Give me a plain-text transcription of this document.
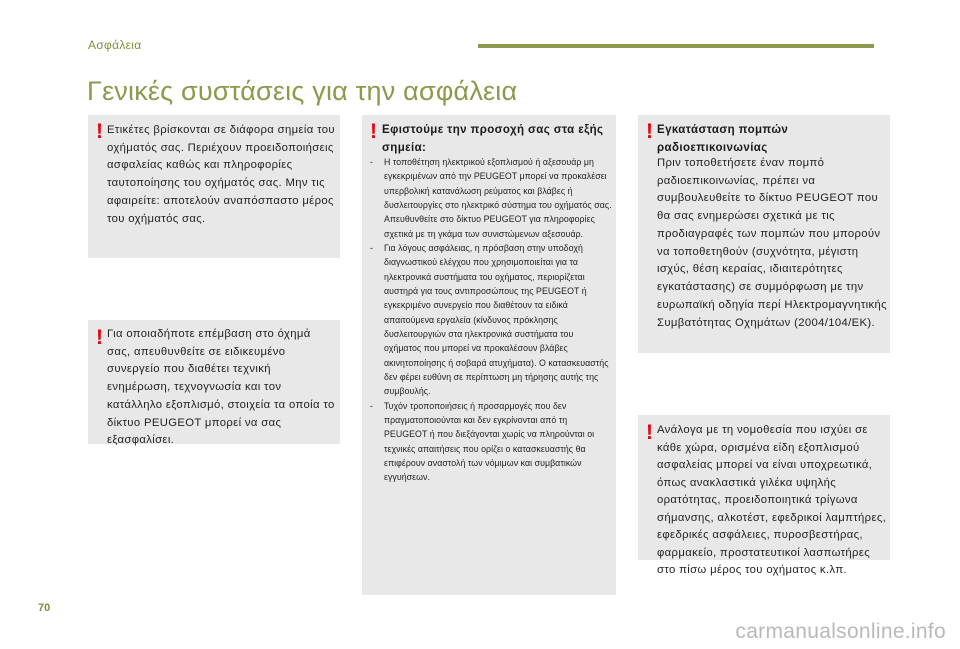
Ασφάλεια
Γενικές συστάσεις για την ασφάλεια
! Ετικέτες βρίσκονται σε διάφορα σημεία του οχήματός σας. Περιέχουν προειδοποιήσεις ασφαλείας καθώς και πληροφορίες ταυτοποίησης του οχήματός σας. Μην τις αφαιρείτε: αποτελούν αναπόσπαστο μέρος του οχήματός σας.

! Για οποιαδήποτε επέμβαση στο όχημά σας, απευθυνθείτε σε ειδικευμένο συνεργείο που διαθέτει τεχνική ενημέρωση, τεχνογνωσία και τον κατάλληλο εξοπλισμό, στοιχεία τα οποία το δίκτυο PEUGEOT μπορεί να σας εξασφαλίσει.

! Εφιστούμε την προσοχή σας στα εξής σημεία:

- Η τοποθέτηση ηλεκτρικού εξοπλισμού ή αξεσουάρ μη εγκεκριμένων από την PEUGEOT μπορεί να προκαλέσει υπερβολική κατανάλωση ρεύματος και βλάβες ή δυσλειτουργίες στο ηλεκτρικό σύστημα του οχήματός σας. Απευθυνθείτε στο δίκτυο PEUGEOT για πληροφορίες σχετικά με τη γκάμα των συνιστώμενων αξεσουάρ.
- Για λόγους ασφάλειας, η πρόσβαση στην υποδοχή διαγνωστικού ελέγχου που χρησιμοποιείται για τα ηλεκτρονικά συστήματα του οχήματος, περιορίζεται αυστηρά για τους αντιπροσώπους της PEUGEOT ή εγκεκριμένο συνεργείο που διαθέτουν τα ειδικά απαιτούμενα εργαλεία (κίνδυνος πρόκλησης δυσλειτουργιών στα ηλεκτρονικά συστήματα του οχήματος που μπορεί να προκαλέσουν βλάβες ακινητοποίησης ή σοβαρά ατυχήματα). Ο κατασκευαστής δεν φέρει ευθύνη σε περίπτωση μη τήρησης αυτής της συμβουλής.
- Τυχόν τροποποιήσεις ή προσαρμογές που δεν πραγματοποιούνται και δεν εγκρίνονται από τη PEUGEOT ή που διεξάγονται χωρίς να πληρούνται οι τεχνικές απαιτήσεις που ορίζει ο κατασκευαστής θα επιφέρουν αναστολή των νόμιμων και συμβατικών εγγυήσεων.
! Εγκατάσταση πομπών ραδιοεπικοινωνίας

Πριν τοποθετήσετε έναν πομπό ραδιοεπικοινωνίας, πρέπει να συμβουλευθείτε το δίκτυο PEUGEOT που θα σας ενημερώσει σχετικά με τις προδιαγραφές των πομπών που μπορούν να τοποθετηθούν (συχνότητα, μέγιστη ισχύς, θέση κεραίας, ιδιαιτερότητες εγκατάστασης) σε συμμόρφωση με την ευρωπαϊκή οδηγία περί Ηλεκτρομαγνητικής Συμβατότητας Οχημάτων (2004/104/ΕΚ).

! Ανάλογα με τη νομοθεσία που ισχύει σε κάθε χώρα, ορισμένα είδη εξοπλισμού ασφαλείας μπορεί να είναι υποχρεωτικά, όπως ανακλαστικά γιλέκα υψηλής ορατότητας, προειδοποιητικά τρίγωνα σήμανσης, αλκοτέστ, εφεδρικοί λαμπτήρες, εφεδρικές ασφάλειες, πυροσβεστήρας, φαρμακείο, προστατευτικοί λασπωτήρες στο πίσω μέρος του οχήματος κ.λπ.

70
carmanualsonline.info
